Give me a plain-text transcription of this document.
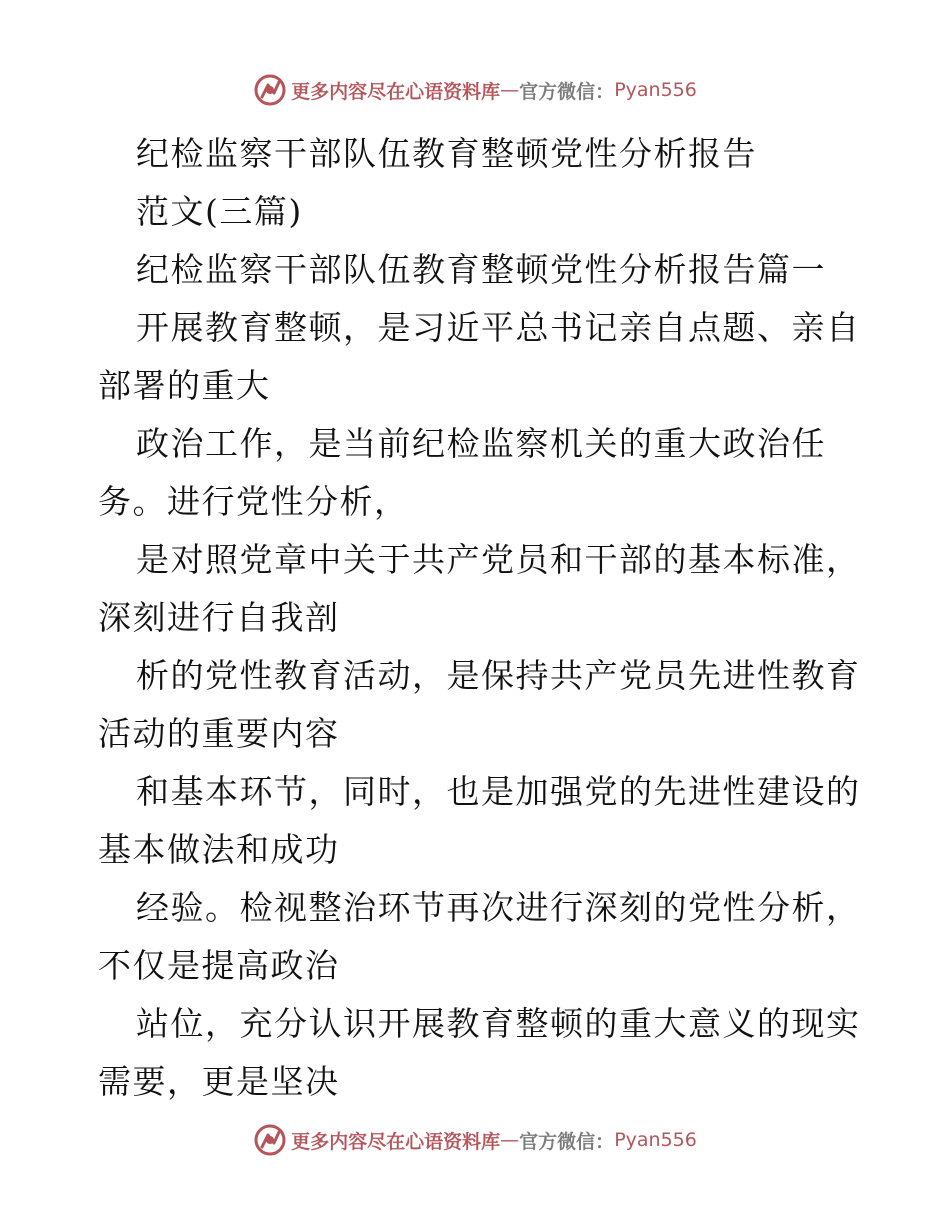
更多内容尽在心语资料库 — 官方微信： Pyan556
纪检监察干部队伍教育整顿党性分析报告
范文(三篇)
纪检监察干部队伍教育整顿党性分析报告篇一
开展教育整顿，是习近平总书记亲自点题、亲自
部署的重大
政治工作，是当前纪检监察机关的重大政治任
务。进行党性分析，
是对照党章中关于共产党员和干部的基本标准，
深刻进行自我剖
析的党性教育活动，是保持共产党员先进性教育
活动的重要内容
和基本环节，同时，也是加强党的先进性建设的
基本做法和成功
经验。检视整治环节再次进行深刻的党性分析，
不仅是提高政治
站位，充分认识开展教育整顿的重大意义的现实
需要，更是坚决
更多内容尽在心语资料库 — 官方微信： Pyan556
